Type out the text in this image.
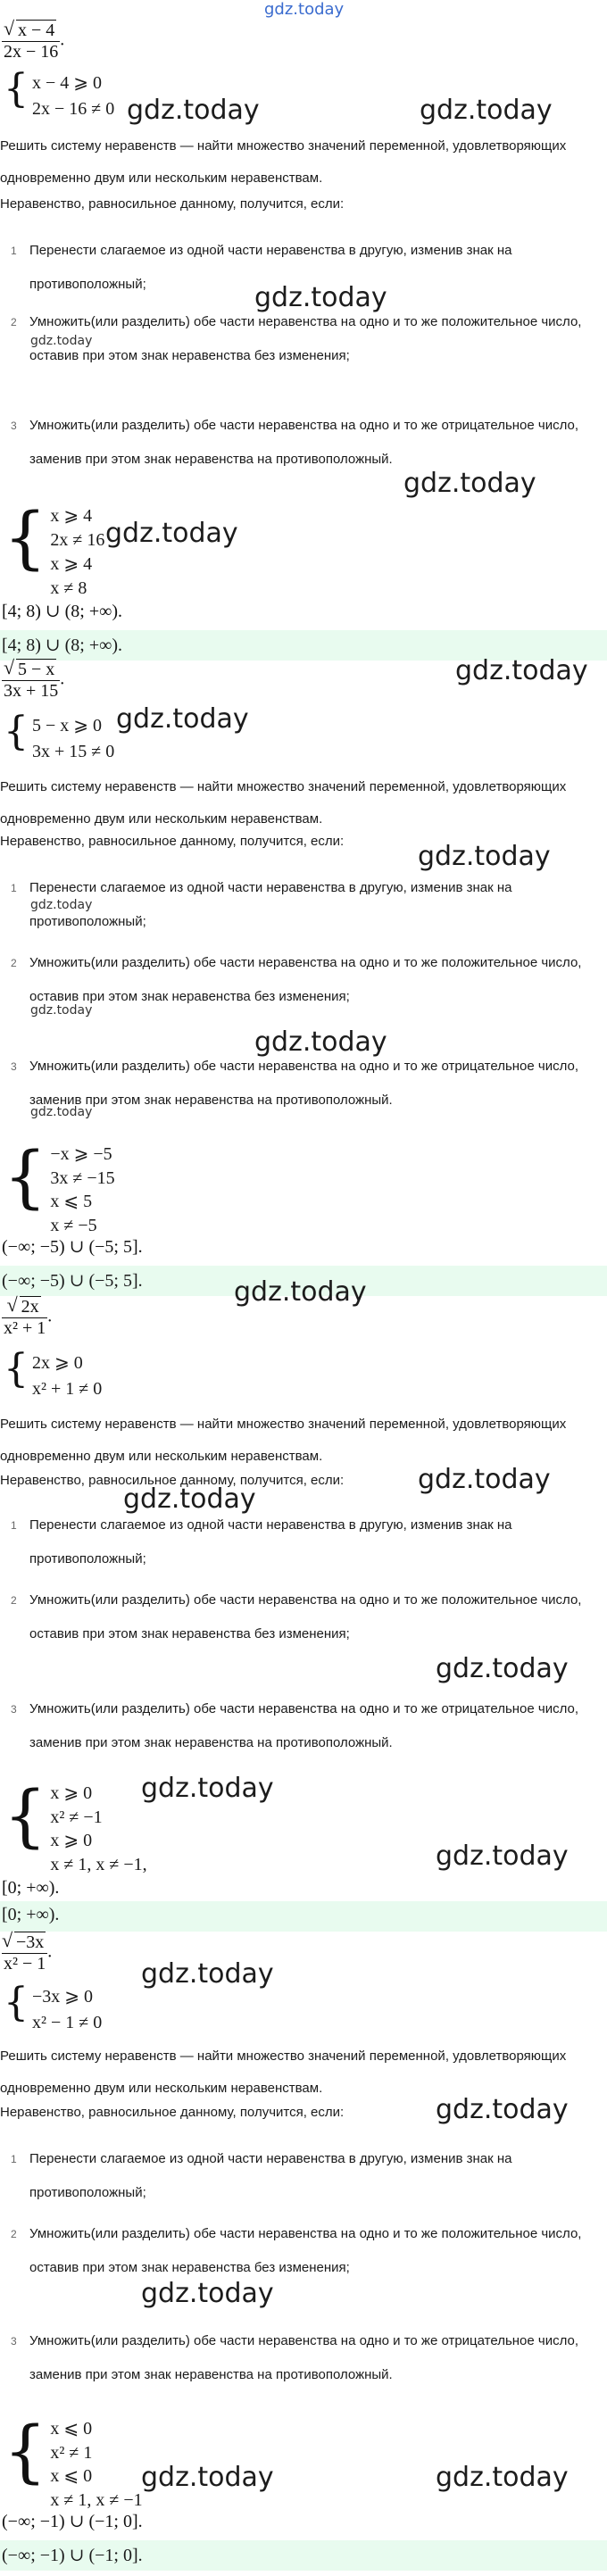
gdz.today
√ $\frac{x - 4}{2x - 16}$ .
{ x − 4 ⩾ 0
2x − 16 ≠ 0
Решить систему неравенств — найти множество значений переменной, удовлетворяющих одновременно двум или нескольким неравенствам.
Неравенство, равносильное данному, получится, если:
1 Перенести слагаемое из одной части неравенства в другую, изменив знак на противоположный;
2 Умножить(или разделить) обе части неравенства на одно и то же положительное число, оставив при этом знак неравенства без изменения;
3 Умножить(или разделить) обе части неравенства на одно и то же отрицательное число, заменив при этом знак неравенства на противоположный.
{ x ⩾ 4
2x ≠ 16
x ⩾ 4
x ≠ 8
[4; 8) ∪ (8; +∞).
[4; 8) ∪ (8; +∞).
√ $\frac{5 - x}{3x + 15}$ .
{ 5 − x ⩾ 0
3x + 15 ≠ 0
Решить систему неравенств — найти множество значений переменной, удовлетворяющих одновременно двум или нескольким неравенствам.
Неравенство, равносильное данному, получится, если:
1 Перенести слагаемое из одной части неравенства в другую, изменив знак на противоположный;
2 Умножить(или разделить) обе части неравенства на одно и то же положительное число, оставив при этом знак неравенства без изменения;
3 Умножить(или разделить) обе части неравенства на одно и то же отрицательное число, заменив при этом знак неравенства на противоположный.
{ −x ⩾ −5
3x ≠ −15
x ⩽ 5
x ≠ −5
(−∞; −5) ∪ (−5; 5].
(−∞; −5) ∪ (−5; 5].
√ $\frac{2x}{\text{x² + 1}}$ .
{ 2x ⩾ 0
x² + 1 ≠ 0
Решить систему неравенств — найти множество значений переменной, удовлетворяющих одновременно двум или нескольким неравенствам.
Неравенство, равносильное данному, получится, если:
1 Перенести слагаемое из одной части неравенства в другую, изменив знак на противоположный;
2 Умножить(или разделить) обе части неравенства на одно и то же положительное число, оставив при этом знак неравенства без изменения;
3 Умножить(или разделить) обе части неравенства на одно и то же отрицательное число, заменив при этом знак неравенства на противоположный.
{ x ⩾ 0
x² ≠ −1
x ⩾ 0
x ≠ 1, x ≠ −1,
[0; +∞).
[0; +∞).
√ $\frac{-3x}{\text{x² − 1}}$ .
{ −3x ⩾ 0
x² − 1 ≠ 0
Решить систему неравенств — найти множество значений переменной, удовлетворяющих одновременно двум или нескольким неравенствам.
Неравенство, равносильное данному, получится, если:
1 Перенести слагаемое из одной части неравенства в другую, изменив знак на противоположный;
2 Умножить(или разделить) обе части неравенства на одно и то же положительное число, оставив при этом знак неравенства без изменения;
3 Умножить(или разделить) обе части неравенства на одно и то же отрицательное число, заменив при этом знак неравенства на противоположный.
{ x ⩽ 0
x² ≠ 1
x ⩽ 0
x ≠ 1, x ≠ −1
(−∞; −1) ∪ (−1; 0].
(−∞; −1) ∪ (−1; 0].
gdz.today	gdz.today
gdz.today
gdz.today
gdz.today
gdz.today
gdz.today
gdz.today
gdz.today
gdz.today
gdz.today
gdz.today
gdz.today
gdz.today
gdz.today
gdz.today
gdz.today
gdz.today
gdz.today
gdz.today
gdz.today
gdz.today
gdz.today	gdz.today
